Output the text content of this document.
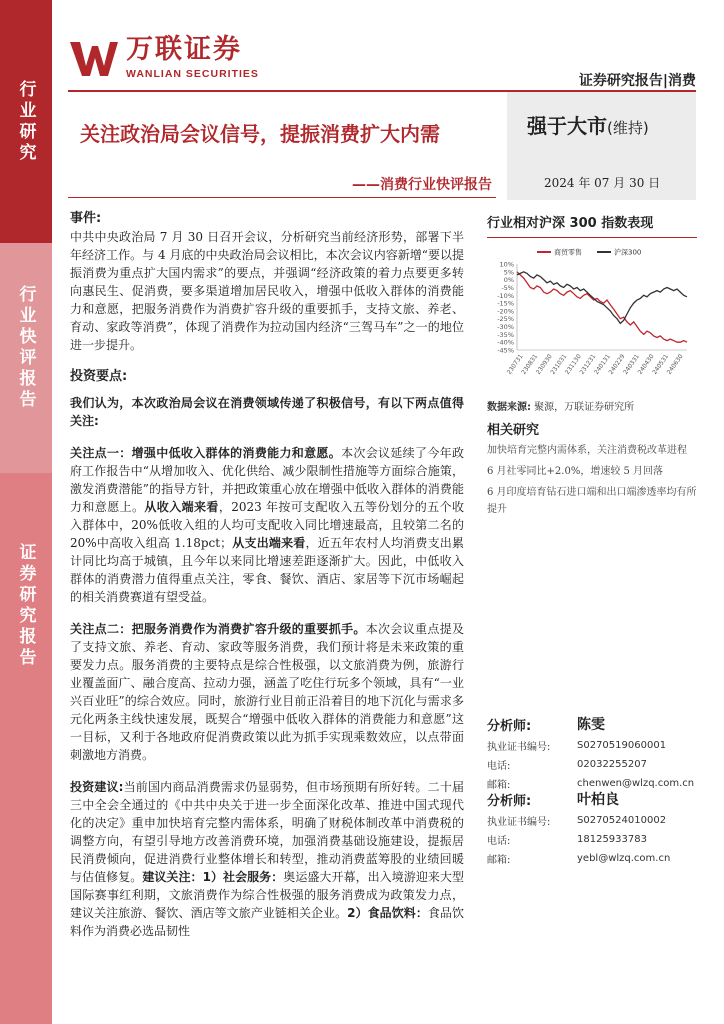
行业研究
行业快评报告
证券研究报告
万联证券
WANLIAN SECURITIES	证券研究报告|消费
关注政治局会议信号，提振消费扩大内需
——消费行业快评报告
强于大市(维持)
2024 年 07 月 30 日
事件:

中共中央政治局 7 月 30 日召开会议，分析研究当前经济形势，部署下半年经济工作。与 4 月底的中央政治局会议相比，本次会议内容新增“要以提振消费为重点扩大国内需求”的要点，并强调“经济政策的着力点要更多转向惠民生、促消费，要多渠道增加居民收入，增强中低收入群体的消费能力和意愿，把服务消费作为消费扩容升级的重要抓手，支持文旅、养老、育动、家政等消费”，体现了消费作为拉动国内经济“三驾马车”之一的地位进一步提升。

投资要点:

我们认为，本次政治局会议在消费领域传递了积极信号，有以下两点值得关注:

关注点一：增强中低收入群体的消费能力和意愿。本次会议延续了今年政府工作报告中“从增加收入、优化供给、减少限制性措施等方面综合施策，激发消费潜能”的指导方针，并把政策重心放在增强中低收入群体的消费能力和意愿上。从收入端来看，2023 年按可支配收入五等份划分的五个收入群体中，20%低收入组的人均可支配收入同比增速最高，且较第二名的 20%中高收入组高 1.18pct；从支出端来看，近五年农村人均消费支出累计同比均高于城镇，且今年以来同比增速差距逐渐扩大。因此，中低收入群体的消费潜力值得重点关注，零食、餐饮、酒店、家居等下沉市场崛起的相关消费赛道有望受益。

关注点二：把服务消费作为消费扩容升级的重要抓手。本次会议重点提及了支持文旅、养老、育动、家政等服务消费，我们预计将是未来政策的重要发力点。服务消费的主要特点是综合性极强，以文旅消费为例，旅游行业覆盖面广、融合度高、拉动力强，涵盖了吃住行玩多个领域，具有“一业兴百业旺”的综合效应。同时，旅游行业目前正沿着目的地下沉化与需求多元化两条主线快速发展，既契合“增强中低收入群体的消费能力和意愿”这一目标，又利于各地政府促消费政策以此为抓手实现乘数效应，以点带面刺激地方消费。

投资建议:当前国内商品消费需求仍显弱势，但市场预期有所好转。二十届三中全会全通过的《中共中央关于进一步全面深化改革、推进中国式现代化的决定》重申加快培育完整内需体系，明确了财税体制改革中消费税的调整方向，有望引导地方改善消费环境，加强消费基础设施建设，提振居民消费倾向，促进消费行业整体增长和转型，推动消费蓝筹股的业绩回暖与估值修复。建议关注：1）社会服务：奥运盛大开幕，出入境游迎来大型国际赛事红利期，文旅消费作为综合性极强的服务消费成为政策发力点，建议关注旅游、餐饮、酒店等文旅产业链相关企业。2）食品饮料：食品饮料作为消费必选品韧性

行业相对沪深 300 指数表现
10%
5%
0%
-5%
-10%
-15%
-20%
-25%
-30%
-35%
-40%
-45%
230731
230831
230930
231031
231130
231231
240131
240229
240331
240430
240531
240630
商贸零售	沪深300
数据来源: 聚源，万联证券研究所
相关研究
加快培育完整内需体系，关注消费税改革进程
6 月社零同比+2.0%，增速较 5 月回落
6 月印度培育钻石进口端和出口端渗透率均有所提升
分析师:	陈雯
执业证书编号:	S0270519060001
电话:	02032255207
邮箱:	chenwen@wlzq.com.cn
分析师:	叶柏良
执业证书编号:	S0270524010002
电话:	18125933783
邮箱:	yebl@wlzq.com.cn
